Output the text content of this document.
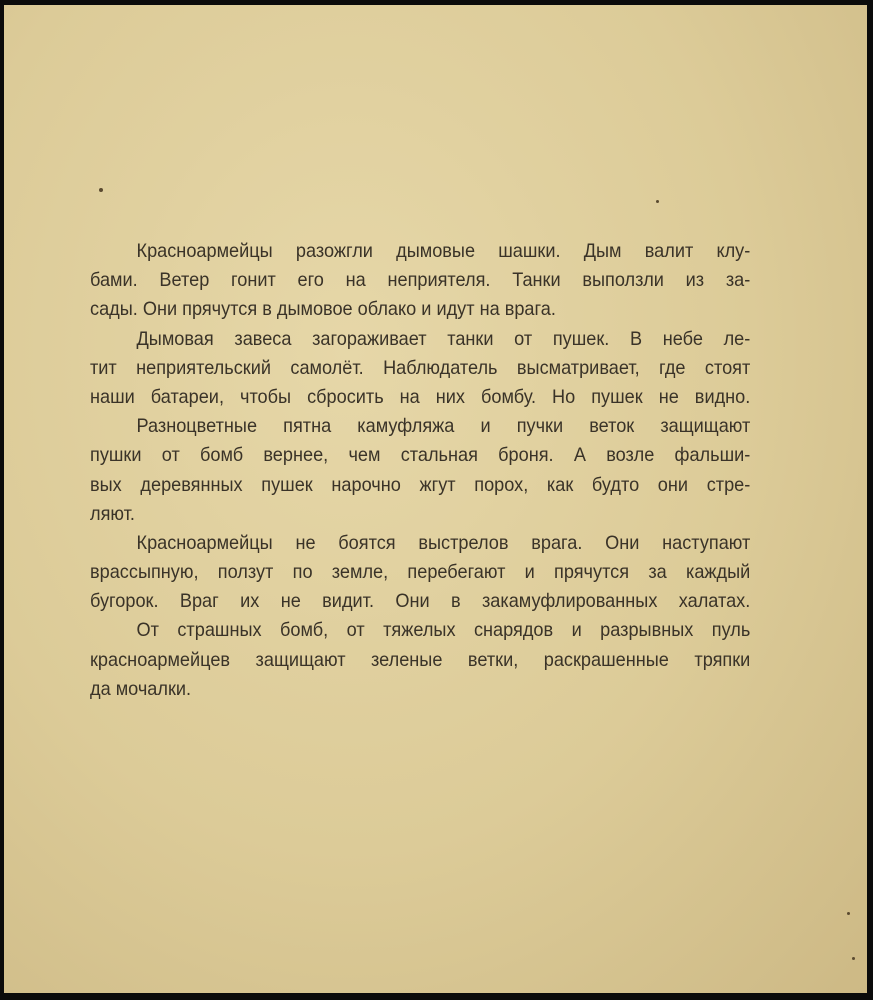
Красноармейцы разожгли дымовые шашки. Дым валит клу-
бами. Ветер гонит его на неприятеля. Танки выползли из за-
сады. Они прячутся в дымовое облако и идут на врага.
Дымовая завеса загораживает танки от пушек. В небе ле-
тит неприятельский самолёт. Наблюдатель высматривает, где стоят
наши батареи, чтобы сбросить на них бомбу. Но пушек не видно.
Разноцветные пятна камуфляжа и пучки веток защищают
пушки от бомб вернее, чем стальная броня. А возле фальши-
вых деревянных пушек нарочно жгут порох, как будто они стре-
ляют.
Красноармейцы не боятся выстрелов врага. Они наступают
врассыпную, ползут по земле, перебегают и прячутся за каждый
бугорок. Враг их не видит. Они в закамуфлированных халатах.
От страшных бомб, от тяжелых снарядов и разрывных пуль
красноармейцев защищают зеленые ветки, раскрашенные тряпки
да мочалки.
